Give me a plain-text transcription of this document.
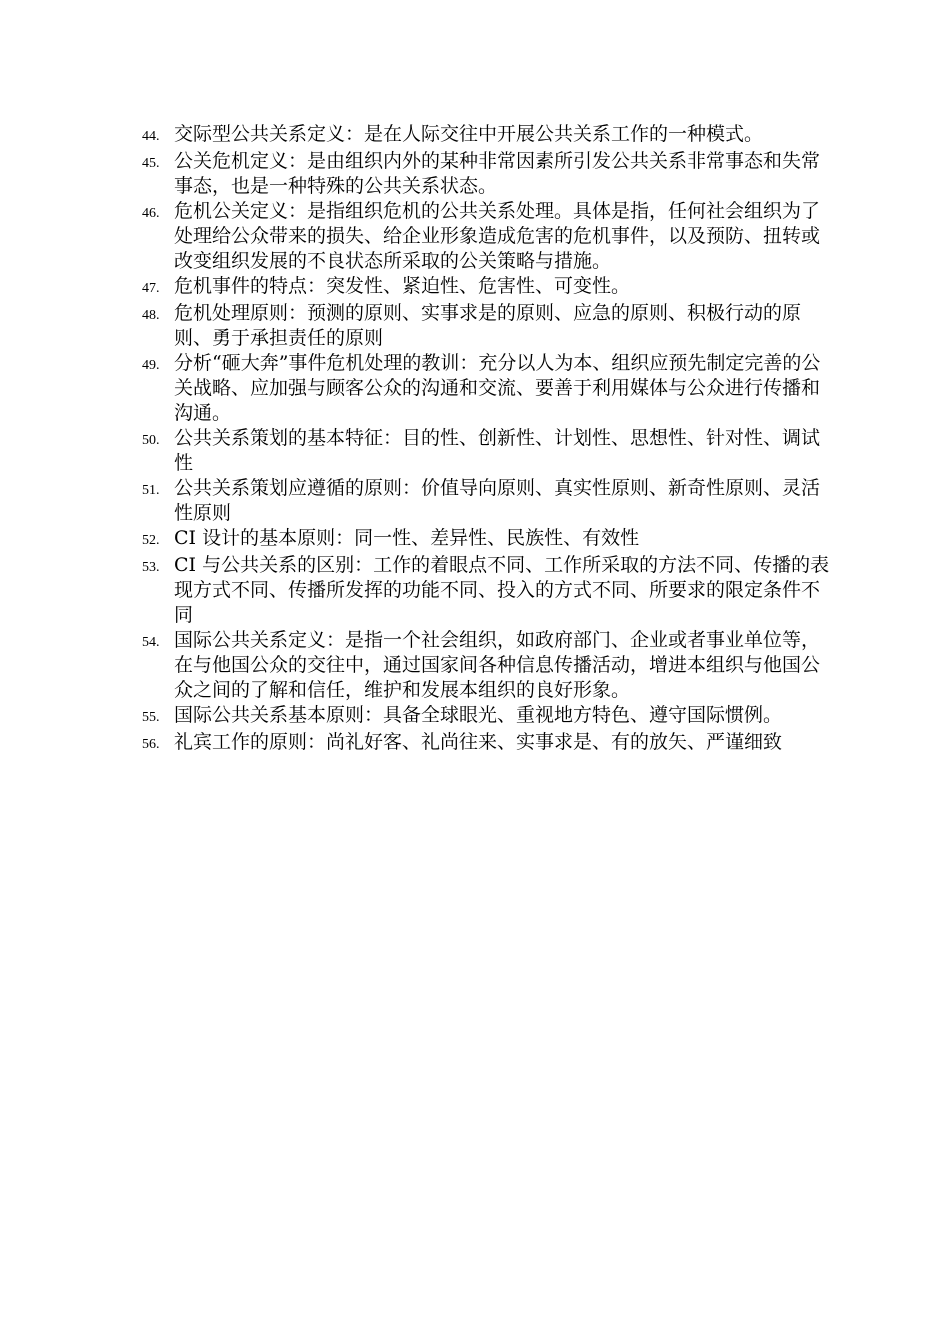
44. 交际型公共关系定义：是在人际交往中开展公共关系工作的一种模式。
45. 公关危机定义：是由组织内外的某种非常因素所引发公共关系非常事态和失常事态，也是一种特殊的公共关系状态。
46. 危机公关定义：是指组织危机的公共关系处理。具体是指，任何社会组织为了处理给公众带来的损失、给企业形象造成危害的危机事件，以及预防、扭转或改变组织发展的不良状态所采取的公关策略与措施。
47. 危机事件的特点：突发性、紧迫性、危害性、可变性。
48. 危机处理原则：预测的原则、实事求是的原则、应急的原则、积极行动的原则、勇于承担责任的原则
49. 分析“砸大奔”事件危机处理的教训：充分以人为本、组织应预先制定完善的公关战略、应加强与顾客公众的沟通和交流、要善于利用媒体与公众进行传播和沟通。
50. 公共关系策划的基本特征：目的性、创新性、计划性、思想性、针对性、调试性
51. 公共关系策划应遵循的原则：价值导向原则、真实性原则、新奇性原则、灵活性原则
52. CI 设计的基本原则：同一性、差异性、民族性、有效性
53. CI 与公共关系的区别：工作的着眼点不同、工作所采取的方法不同、传播的表现方式不同、传播所发挥的功能不同、投入的方式不同、所要求的限定条件不同
54. 国际公共关系定义：是指一个社会组织，如政府部门、企业或者事业单位等，在与他国公众的交往中，通过国家间各种信息传播活动，增进本组织与他国公众之间的了解和信任，维护和发展本组织的良好形象。
55. 国际公共关系基本原则：具备全球眼光、重视地方特色、遵守国际惯例。
56. 礼宾工作的原则：尚礼好客、礼尚往来、实事求是、有的放矢、严谨细致
